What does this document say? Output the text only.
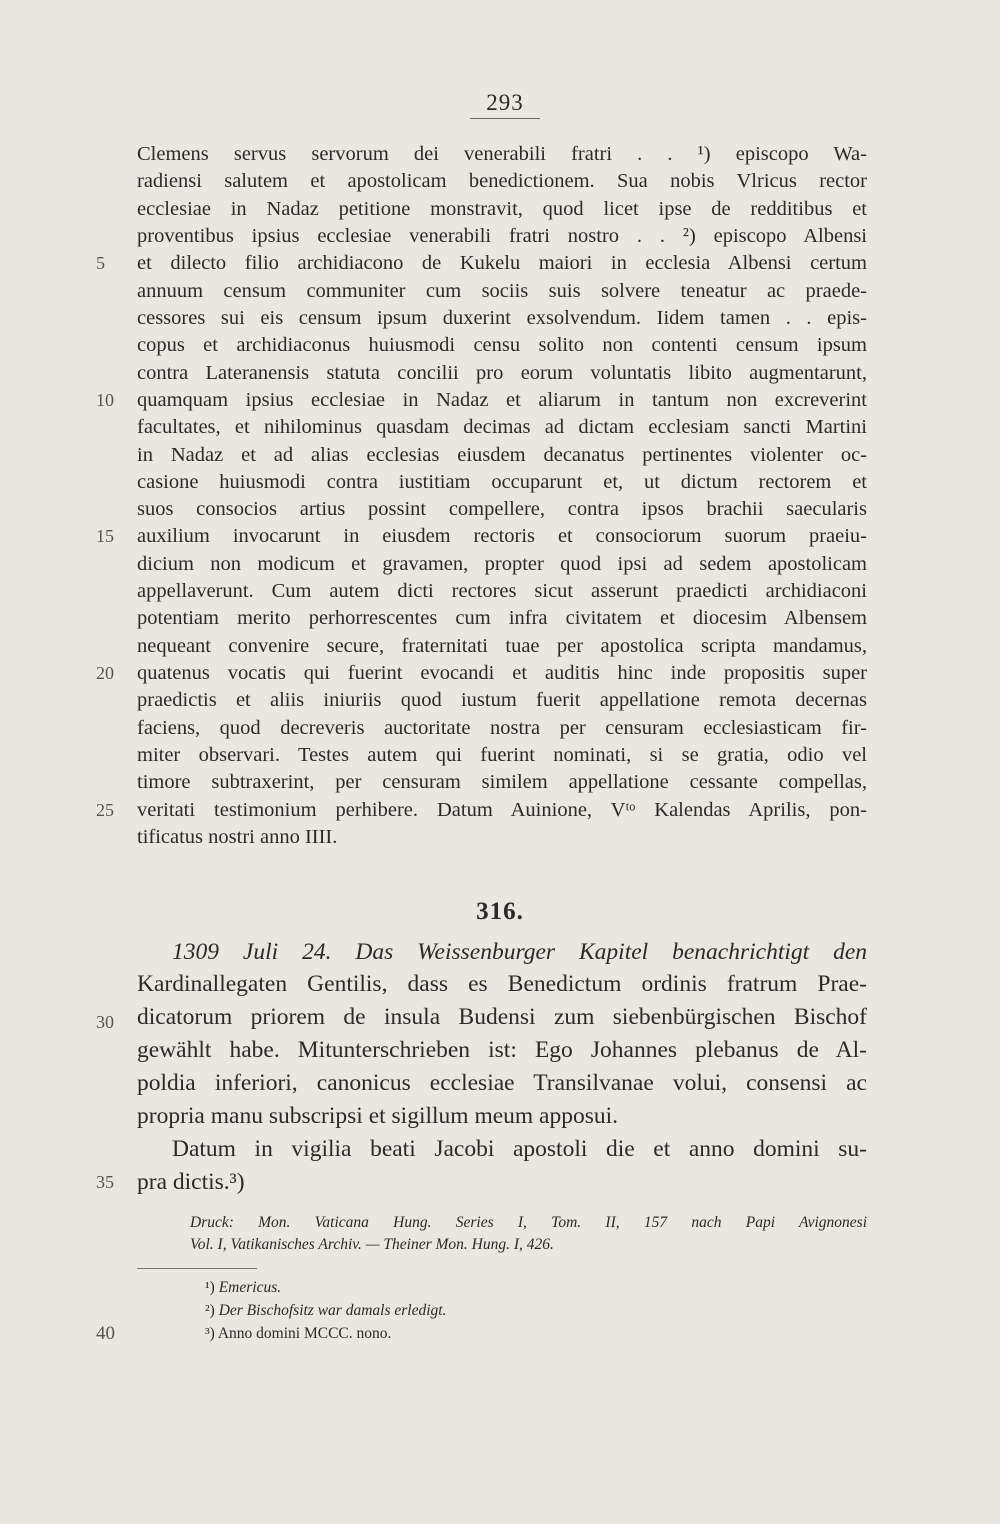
293
Clemens servus servorum dei venerabili fratri . . ¹) episcopo Wa-
radiensi salutem et apostolicam benedictionem. Sua nobis Vlricus rector
ecclesiae in Nadaz petitione monstravit, quod licet ipse de redditibus et
proventibus ipsius ecclesiae venerabili fratri nostro . . ²) episcopo Albensi
et dilecto filio archidiacono de Kukelu maiori in ecclesia Albensi certum
annuum censum communiter cum sociis suis solvere teneatur ac praede-
cessores sui eis censum ipsum duxerint exsolvendum. Iidem tamen . . epis-
copus et archidiaconus huiusmodi censu solito non contenti censum ipsum
contra Lateranensis statuta concilii pro eorum voluntatis libito augmentarunt,
quamquam ipsius ecclesiae in Nadaz et aliarum in tantum non excreverint
facultates, et nihilominus quasdam decimas ad dictam ecclesiam sancti Martini
in Nadaz et ad alias ecclesias eiusdem decanatus pertinentes violenter oc-
casione huiusmodi contra iustitiam occuparunt et, ut dictum rectorem et
suos consocios artius possint compellere, contra ipsos brachii saecularis
auxilium invocarunt in eiusdem rectoris et consociorum suorum praeiu-
dicium non modicum et gravamen, propter quod ipsi ad sedem apostolicam
appellaverunt. Cum autem dicti rectores sicut asserunt praedicti archidiaconi
potentiam merito perhorrescentes cum infra civitatem et diocesim Albensem
nequeant convenire secure, fraternitati tuae per apostolica scripta mandamus,
quatenus vocatis qui fuerint evocandi et auditis hinc inde propositis super
praedictis et aliis iniuriis quod iustum fuerit appellatione remota decernas
faciens, quod decreveris auctoritate nostra per censuram ecclesiasticam fir-
miter observari. Testes autem qui fuerint nominati, si se gratia, odio vel
timore subtraxerint, per censuram similem appellatione cessante compellas,
veritati testimonium perhibere. Datum Auinione, Vᵗᵒ Kalendas Aprilis, pon-
tificatus nostri anno IIII.
5
10
15
20
25
30
35
40
316.
1309 Juli 24. Das Weissenburger Kapitel benachrichtigt den
Kardinallegaten Gentilis, dass es Benedictum ordinis fratrum Prae-
dicatorum priorem de insula Budensi zum siebenbürgischen Bischof
gewählt habe. Mitunterschrieben ist: Ego Johannes plebanus de Al-
poldia inferiori, canonicus ecclesiae Transilvanae volui, consensi ac
propria manu subscripsi et sigillum meum apposui.
Datum in vigilia beati Jacobi apostoli die et anno domini su-
pra dictis.³)
Druck: Mon. Vaticana Hung. Series I, Tom. II, 157 nach Papi Avignonesi
Vol. I, Vatikanisches Archiv. — Theiner Mon. Hung. I, 426.
¹) Emericus.
²) Der Bischofsitz war damals erledigt.
³) Anno domini MCCC. nono.
